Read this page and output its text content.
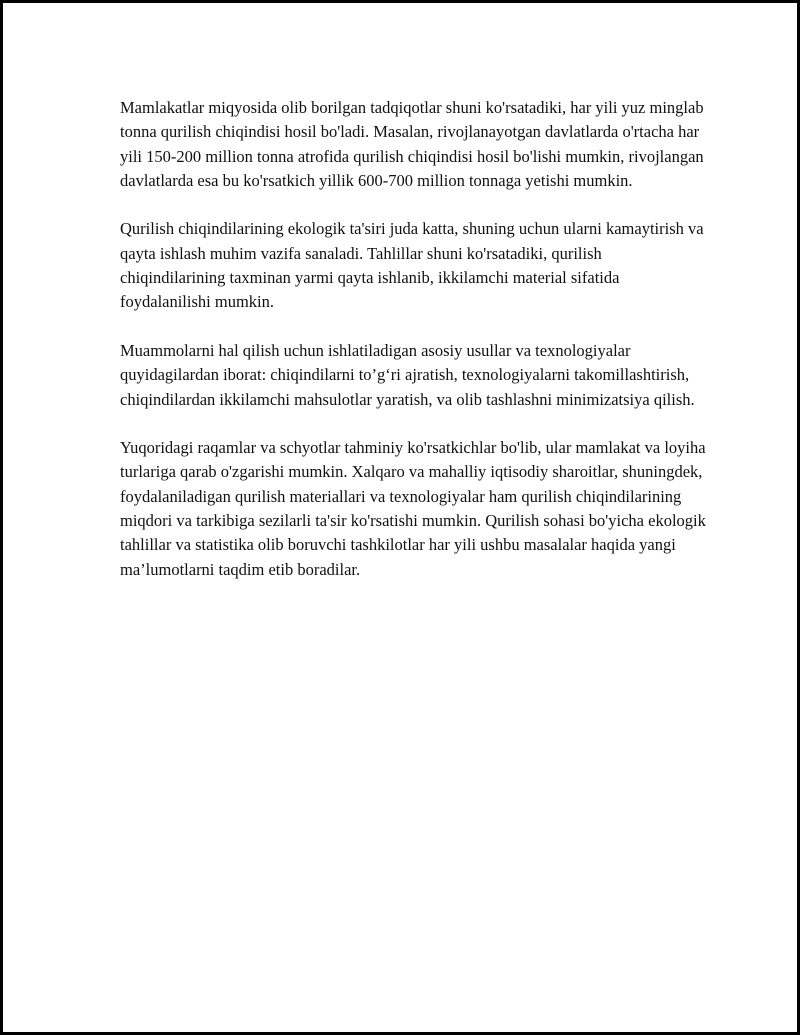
Mamlakatlar miqyosida olib borilgan tadqiqotlar shuni ko'rsatadiki, har yili yuz minglab tonna qurilish chiqindisi hosil bo'ladi. Masalan, rivojlanayotgan davlatlarda o'rtacha har yili 150-200 million tonna atrofida qurilish chiqindisi hosil bo'lishi mumkin, rivojlangan davlatlarda esa bu ko'rsatkich yillik 600-700 million tonnaga yetishi mumkin.

Qurilish chiqindilarining ekologik ta'siri juda katta, shuning uchun ularni kamaytirish va qayta ishlash muhim vazifa sanaladi. Tahlillar shuni ko'rsatadiki, qurilish chiqindilarining taxminan yarmi qayta ishlanib, ikkilamchi material sifatida foydalanilishi mumkin.

Muammolarni hal qilish uchun ishlatiladigan asosiy usullar va texnologiyalar quyidagilardan iborat: chiqindilarni to’g‘ri ajratish, texnologiyalarni takomillashtirish, chiqindilardan ikkilamchi mahsulotlar yaratish, va olib tashlashni minimizatsiya qilish.

Yuqoridagi raqamlar va schyotlar tahminiy ko'rsatkichlar bo'lib, ular mamlakat va loyiha turlariga qarab o'zgarishi mumkin. Xalqaro va mahalliy iqtisodiy sharoitlar, shuningdek, foydalaniladigan qurilish materiallari va texnologiyalar ham qurilish chiqindilarining miqdori va tarkibiga sezilarli ta'sir ko'rsatishi mumkin. Qurilish sohasi bo'yicha ekologik tahlillar va statistika olib boruvchi tashkilotlar har yili ushbu masalalar haqida yangi ma’lumotlarni taqdim etib boradilar.
